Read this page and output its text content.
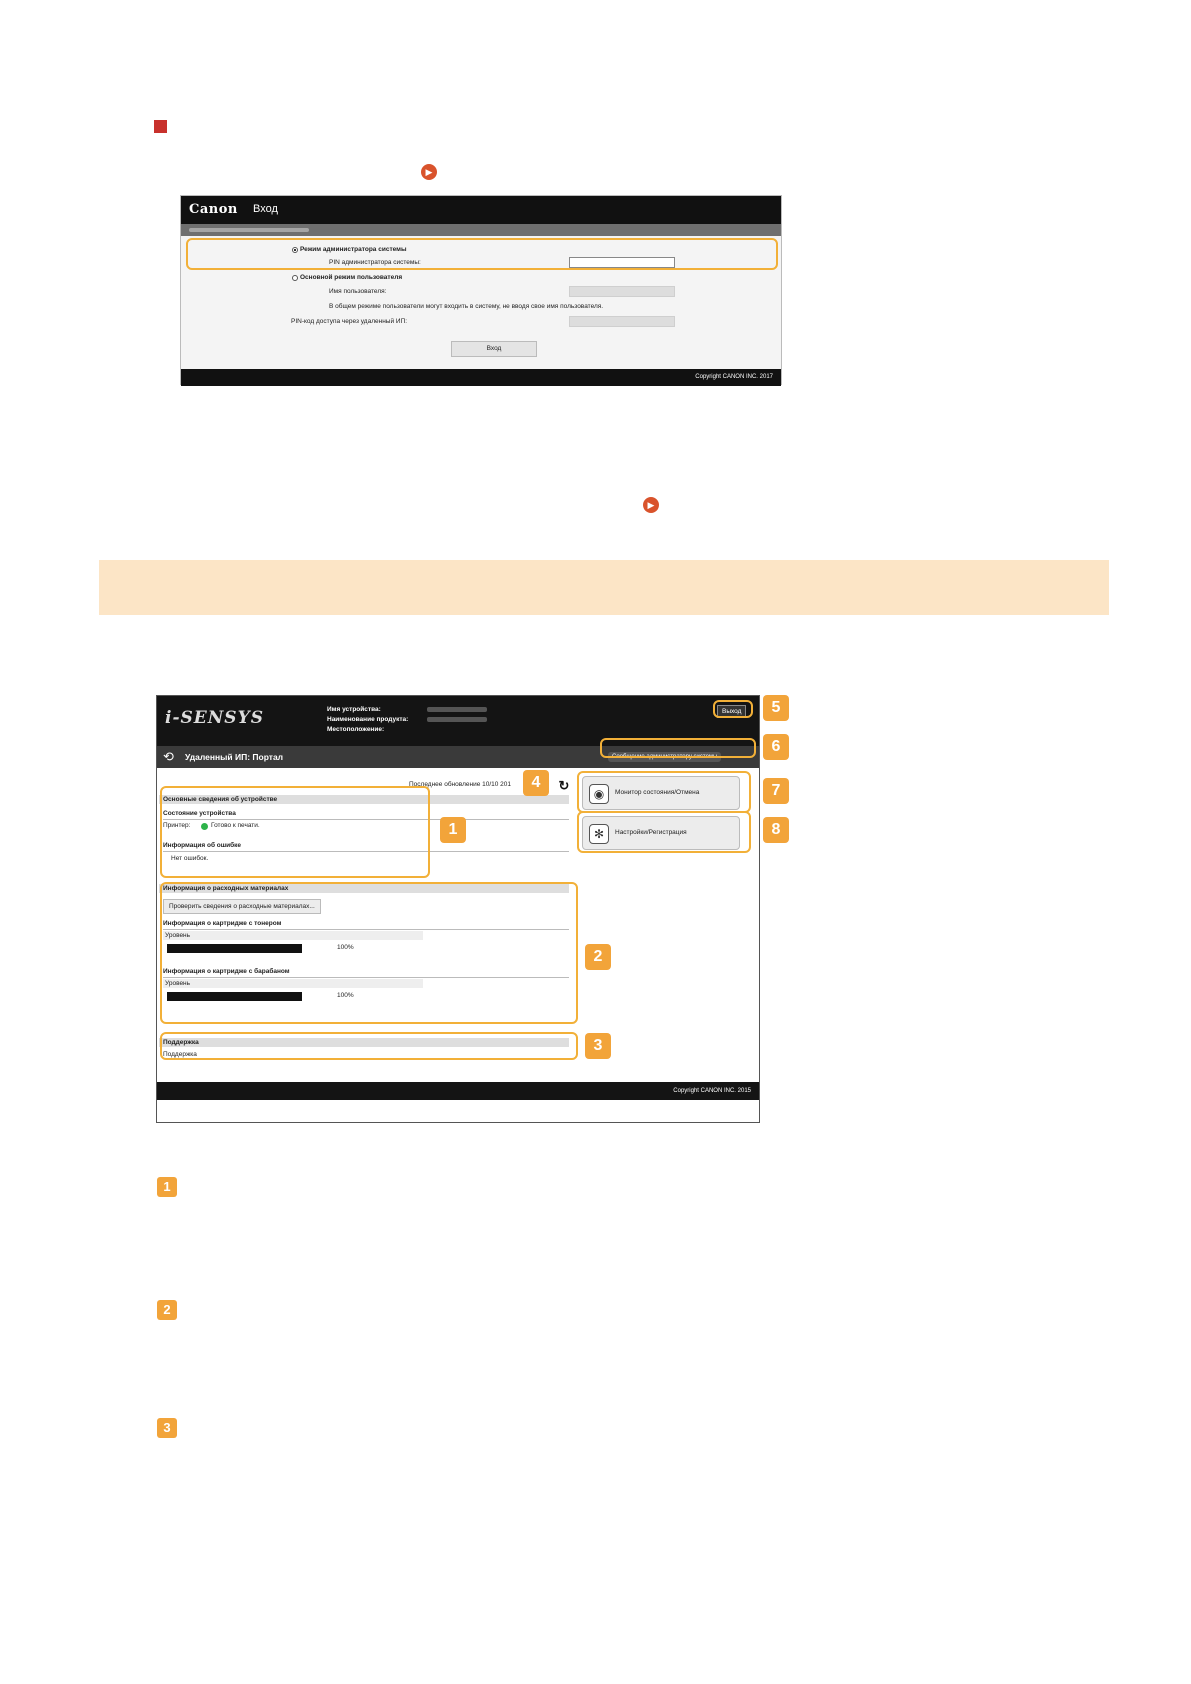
▶
Canon Вход
Режим администратора системы
PIN администратора системы:
Основной режим пользователя
Имя пользователя:
В общем режиме пользователи могут входить в систему, не вводя свое имя пользователя.
PIN-код доступа через удаленный ИП:
Вход
Copyright CANON INC. 2017
▶
i-SENSYS	Имя устройства:
Наименование продукта:
Местоположение:
Выход
⟲ Удаленный ИП: Портал	Сообщение администратору системы
Последнее обновление 10/10 201	↻
Основные сведения об устройстве
Состояние устройства
Принтер:	Готово к печати.
Информация об ошибке
Нет ошибок.
Информация о расходных материалах
Проверить сведения о расходные материалах...
Информация о картридже с тонером
Уровень
100%
Информация о картридже с барабаном
Уровень
100%
Поддержка
Поддержка
◉	Монитор состояния/Отмена
✻	Настройки/Регистрация
Copyright CANON INC. 2015
1
2
3
4
5
6
7
8
1
2
3
